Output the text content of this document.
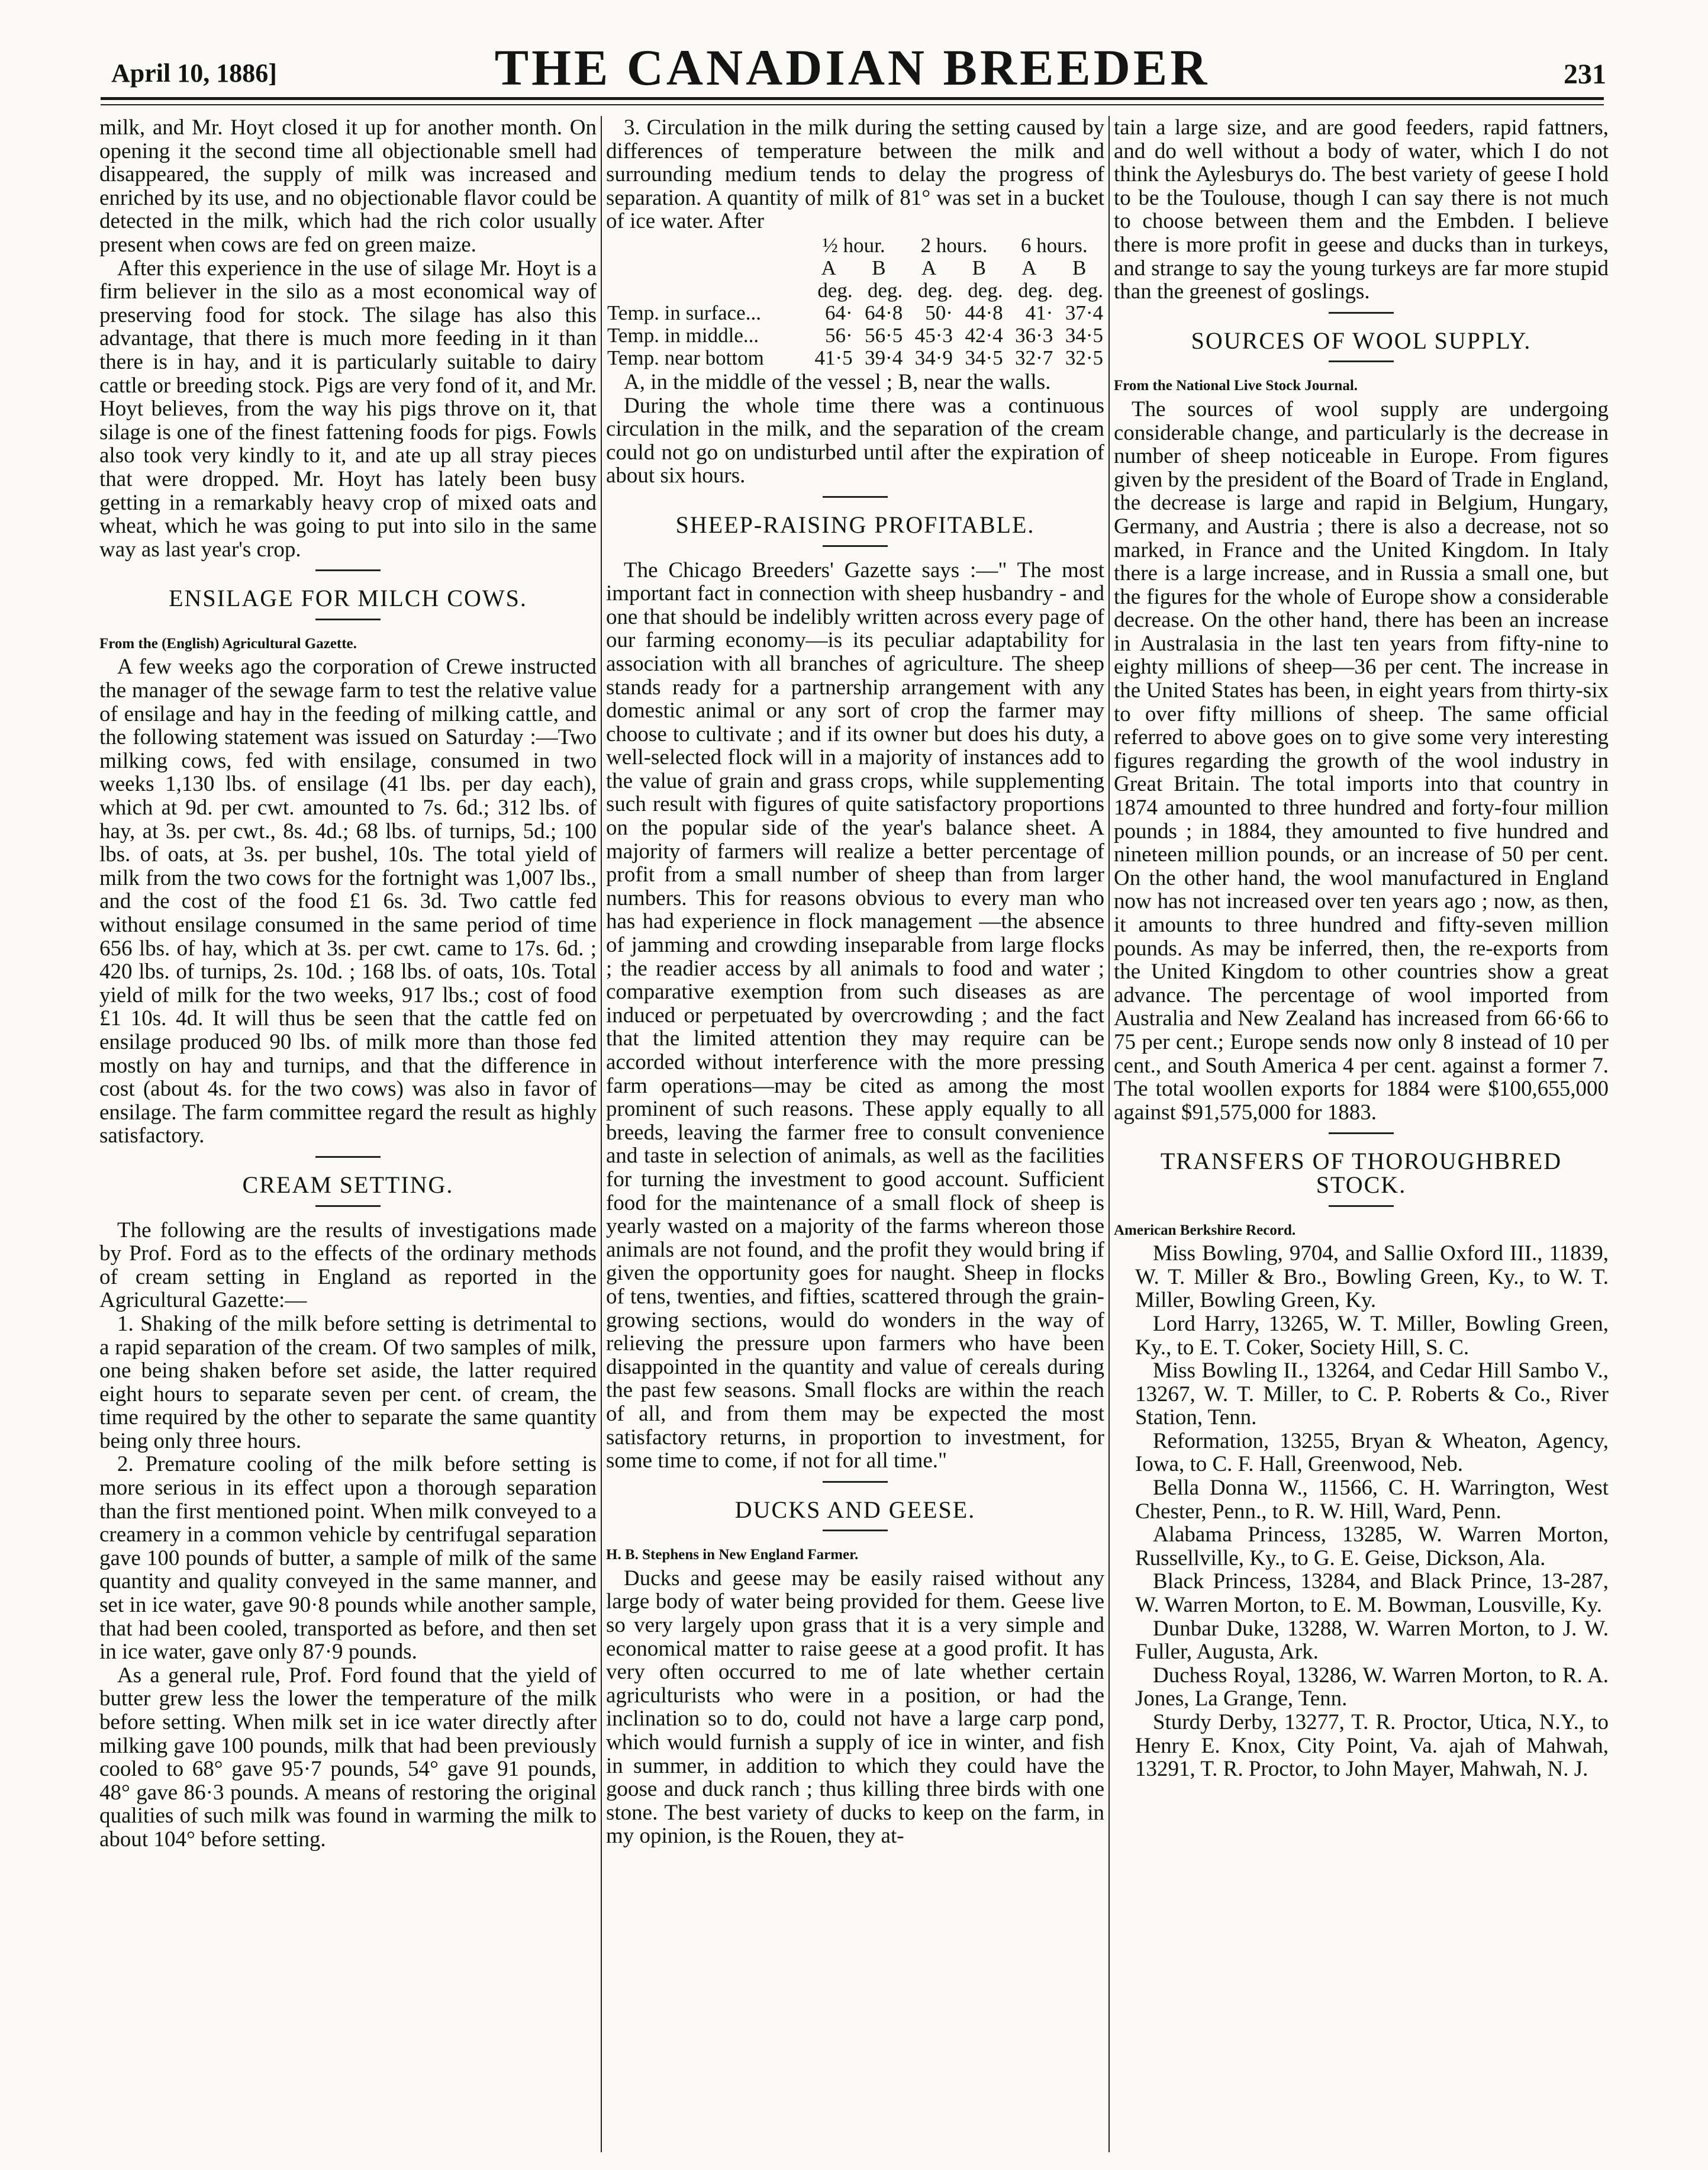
April 10, 1886]	THE CANADIAN BREEDER	231

milk, and Mr. Hoyt closed it up for another month. On opening it the second time all objectionable smell had disappeared, the supply of milk was increased and enriched by its use, and no objectionable flavor could be detected in the milk, which had the rich color usually present when cows are fed on green maize.

After this experience in the use of silage Mr. Hoyt is a firm believer in the silo as a most economical way of preserving food for stock. The silage has also this advantage, that there is much more feeding in it than there is in hay, and it is particularly suitable to dairy cattle or breeding stock. Pigs are very fond of it, and Mr. Hoyt believes, from the way his pigs throve on it, that silage is one of the finest fattening foods for pigs. Fowls also took very kindly to it, and ate up all stray pieces that were dropped. Mr. Hoyt has lately been busy getting in a remarkably heavy crop of mixed oats and wheat, which he was going to put into silo in the same way as last year's crop.

ENSILAGE FOR MILCH COWS.

From the (English) Agricultural Gazette.

A few weeks ago the corporation of Crewe instructed the manager of the sewage farm to test the relative value of ensilage and hay in the feeding of milking cattle, and the following statement was issued on Saturday :—Two milking cows, fed with ensilage, consumed in two weeks 1,130 lbs. of ensilage (41 lbs. per day each), which at 9d. per cwt. amounted to 7s. 6d.; 312 lbs. of hay, at 3s. per cwt., 8s. 4d.; 68 lbs. of turnips, 5d.; 100 lbs. of oats, at 3s. per bushel, 10s. The total yield of milk from the two cows for the fortnight was 1,007 lbs., and the cost of the food £1 6s. 3d. Two cattle fed without ensilage consumed in the same period of time 656 lbs. of hay, which at 3s. per cwt. came to 17s. 6d. ; 420 lbs. of turnips, 2s. 10d. ; 168 lbs. of oats, 10s. Total yield of milk for the two weeks, 917 lbs.; cost of food £1 10s. 4d. It will thus be seen that the cattle fed on ensilage produced 90 lbs. of milk more than those fed mostly on hay and turnips, and that the difference in cost (about 4s. for the two cows) was also in favor of ensilage. The farm committee regard the result as highly satisfactory.

CREAM SETTING.

The following are the results of investigations made by Prof. Ford as to the effects of the ordinary methods of cream setting in England as reported in the Agricultural Gazette:—

1. Shaking of the milk before setting is detrimental to a rapid separation of the cream. Of two samples of milk, one being shaken before set aside, the latter required eight hours to separate seven per cent. of cream, the time required by the other to separate the same quantity being only three hours.

2. Premature cooling of the milk before setting is more serious in its effect upon a thorough separation than the first mentioned point. When milk conveyed to a creamery in a common vehicle by centrifugal separation gave 100 pounds of butter, a sample of milk of the same quantity and quality conveyed in the same manner, and set in ice water, gave 90·8 pounds while another sample, that had been cooled, transported as before, and then set in ice water, gave only 87·9 pounds.

As a general rule, Prof. Ford found that the yield of butter grew less the lower the temperature of the milk before setting. When milk set in ice water directly after milking gave 100 pounds, milk that had been previously cooled to 68° gave 95·7 pounds, 54° gave 91 pounds, 48° gave 86·3 pounds. A means of restoring the original qualities of such milk was found in warming the milk to about 104° before setting.

3. Circulation in the milk during the setting caused by differences of temperature between the milk and surrounding medium tends to delay the progress of separation. A quantity of milk of 81° was set in a bucket of ice water. After

	½ hour.		2 hours.		6 hours.	
	A	B	A	B	A	B
	deg.	deg.	deg.	deg.	deg.	deg.
Temp. in surface...	64·	64·8	50·	44·8	41·	37·4
Temp. in middle...	56·	56·5	45·3	42·4	36·3	34·5
Temp. near bottom	41·5	39·4	34·9	34·5	32·7	32·5

A, in the middle of the vessel ; B, near the walls.

During the whole time there was a continuous circulation in the milk, and the separation of the cream could not go on undisturbed until after the expiration of about six hours.

SHEEP-RAISING PROFITABLE.

The Chicago Breeders' Gazette says :—" The most important fact in connection with sheep husbandry - and one that should be indelibly written across every page of our farming economy—is its peculiar adaptability for association with all branches of agriculture. The sheep stands ready for a partnership arrangement with any domestic animal or any sort of crop the farmer may choose to cultivate ; and if its owner but does his duty, a well-selected flock will in a majority of instances add to the value of grain and grass crops, while supplementing such result with figures of quite satisfactory proportions on the popular side of the year's balance sheet. A majority of farmers will realize a better percentage of profit from a small number of sheep than from larger numbers. This for reasons obvious to every man who has had experience in flock management —the absence of jamming and crowding inseparable from large flocks ; the readier access by all animals to food and water ; comparative exemption from such diseases as are induced or perpetuated by overcrowding ; and the fact that the limited attention they may require can be accorded without interference with the more pressing farm operations—may be cited as among the most prominent of such reasons. These apply equally to all breeds, leaving the farmer free to consult convenience and taste in selection of animals, as well as the facilities for turning the investment to good account. Sufficient food for the maintenance of a small flock of sheep is yearly wasted on a majority of the farms whereon those animals are not found, and the profit they would bring if given the opportunity goes for naught. Sheep in flocks of tens, twenties, and fifties, scattered through the grain-growing sections, would do wonders in the way of relieving the pressure upon farmers who have been disappointed in the quantity and value of cereals during the past few seasons. Small flocks are within the reach of all, and from them may be expected the most satisfactory returns, in proportion to investment, for some time to come, if not for all time."

DUCKS AND GEESE.

H. B. Stephens in New England Farmer.

Ducks and geese may be easily raised without any large body of water being provided for them. Geese live so very largely upon grass that it is a very simple and economical matter to raise geese at a good profit. It has very often occurred to me of late whether certain agriculturists who were in a position, or had the inclination so to do, could not have a large carp pond, which would furnish a supply of ice in winter, and fish in summer, in addition to which they could have the goose and duck ranch ; thus killing three birds with one stone. The best variety of ducks to keep on the farm, in my opinion, is the Rouen, they at-

tain a large size, and are good feeders, rapid fattners, and do well without a body of water, which I do not think the Aylesburys do. The best variety of geese I hold to be the Toulouse, though I can say there is not much to choose between them and the Embden. I believe there is more profit in geese and ducks than in turkeys, and strange to say the young turkeys are far more stupid than the greenest of goslings.

SOURCES OF WOOL SUPPLY.

From the National Live Stock Journal.

The sources of wool supply are undergoing considerable change, and particularly is the decrease in number of sheep noticeable in Europe. From figures given by the president of the Board of Trade in England, the decrease is large and rapid in Belgium, Hungary, Germany, and Austria ; there is also a decrease, not so marked, in France and the United Kingdom. In Italy there is a large increase, and in Russia a small one, but the figures for the whole of Europe show a considerable decrease. On the other hand, there has been an increase in Australasia in the last ten years from fifty-nine to eighty millions of sheep—36 per cent. The increase in the United States has been, in eight years from thirty-six to over fifty millions of sheep. The same official referred to above goes on to give some very interesting figures regarding the growth of the wool industry in Great Britain. The total imports into that country in 1874 amounted to three hundred and forty-four million pounds ; in 1884, they amounted to five hundred and nineteen million pounds, or an increase of 50 per cent. On the other hand, the wool manufactured in England now has not increased over ten years ago ; now, as then, it amounts to three hundred and fifty-seven million pounds. As may be inferred, then, the re-exports from the United Kingdom to other countries show a great advance. The percentage of wool imported from Australia and New Zealand has increased from 66·66 to 75 per cent.; Europe sends now only 8 instead of 10 per cent., and South America 4 per cent. against a former 7. The total woollen exports for 1884 were $100,655,000 against $91,575,000 for 1883.

TRANSFERS OF THOROUGHBRED STOCK.

American Berkshire Record.

Miss Bowling, 9704, and Sallie Oxford III., 11839, W. T. Miller & Bro., Bowling Green, Ky., to W. T. Miller, Bowling Green, Ky.

Lord Harry, 13265, W. T. Miller, Bowling Green, Ky., to E. T. Coker, Society Hill, S. C.

Miss Bowling II., 13264, and Cedar Hill Sambo V., 13267, W. T. Miller, to C. P. Roberts & Co., River Station, Tenn.

Reformation, 13255, Bryan & Wheaton, Agency, Iowa, to C. F. Hall, Greenwood, Neb.

Bella Donna W., 11566, C. H. Warrington, West Chester, Penn., to R. W. Hill, Ward, Penn.

Alabama Princess, 13285, W. Warren Morton, Russellville, Ky., to G. E. Geise, Dickson, Ala.

Black Princess, 13284, and Black Prince, 13-287, W. Warren Morton, to E. M. Bowman, Lousville, Ky.

Dunbar Duke, 13288, W. Warren Morton, to J. W. Fuller, Augusta, Ark.

Duchess Royal, 13286, W. Warren Morton, to R. A. Jones, La Grange, Tenn.

Sturdy Derby, 13277, T. R. Proctor, Utica, N.Y., to Henry E. Knox, City Point, Va. ajah of Mahwah, 13291, T. R. Proctor, to John Mayer, Mahwah, N. J.
